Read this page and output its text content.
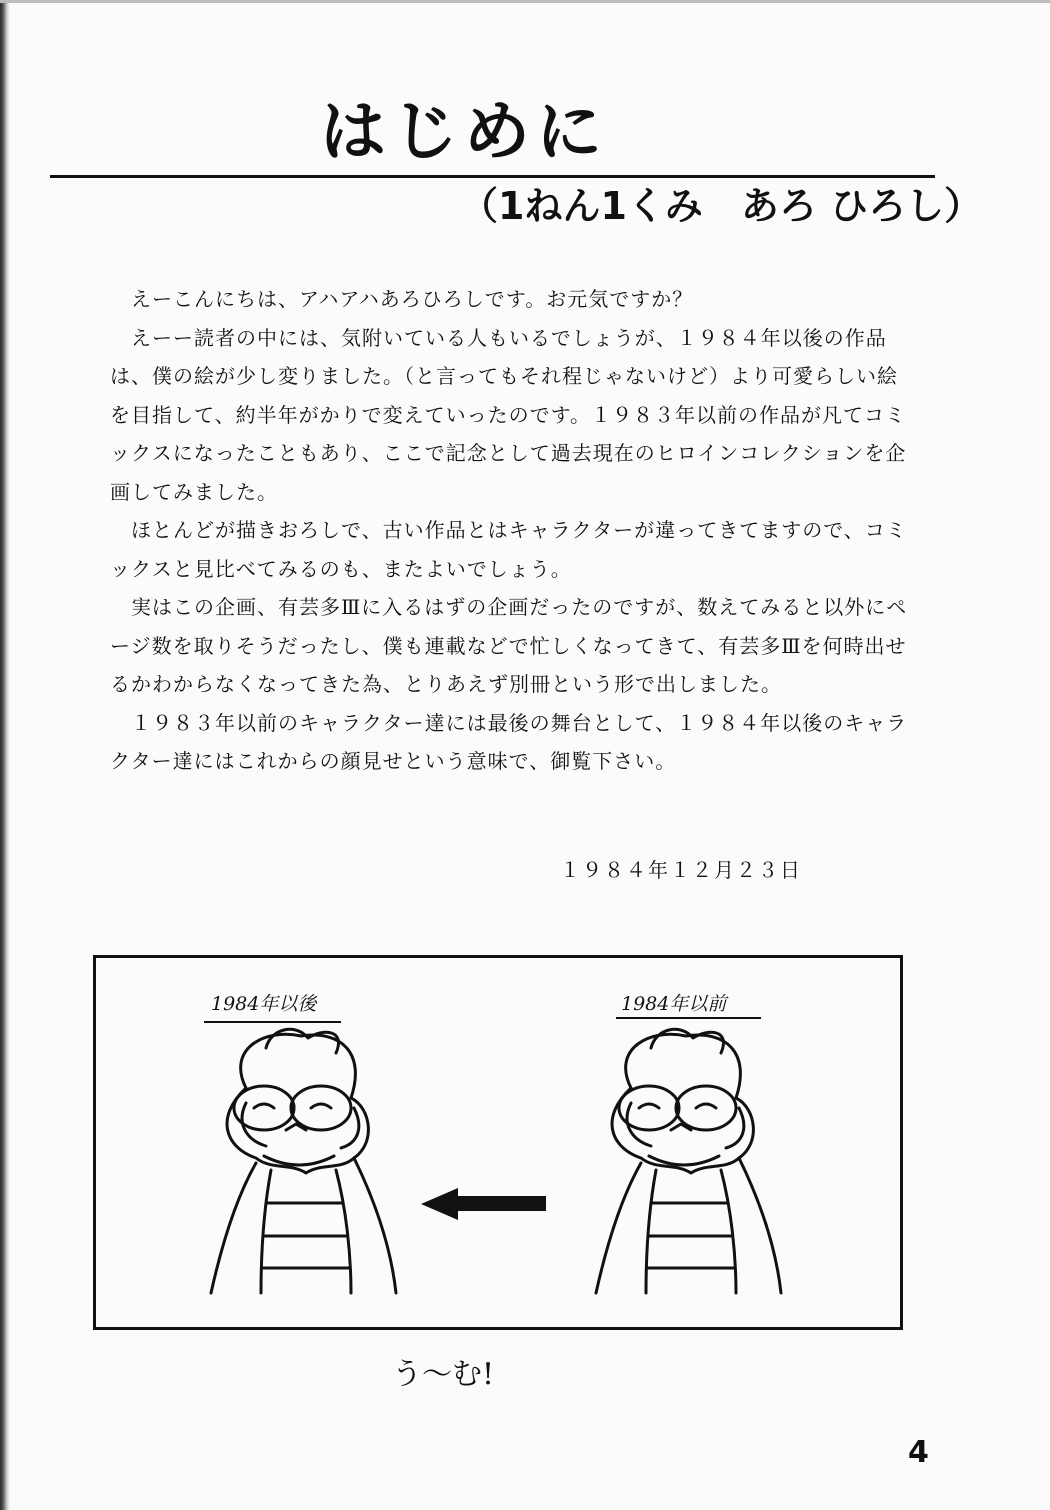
はじめに
（1ねん1くみ　あろ ひろし）

　えーこんにちは、アハアハあろひろしです。お元気ですか？

　えーー読者の中には、気附いている人もいるでしょうが、１９８４年以後の作品は、僕の絵が少し変りました。（と言ってもそれ程じゃないけど）より可愛らしい絵を目指して、約半年がかりで変えていったのです。１９８３年以前の作品が凡てコミックスになったこともあり、ここで記念として過去現在のヒロインコレクションを企画してみました。

　ほとんどが描きおろしで、古い作品とはキャラクターが違ってきてますので、コミックスと見比べてみるのも、またよいでしょう。

　実はこの企画、有芸多Ⅲに入るはずの企画だったのですが、数えてみると以外にページ数を取りそうだったし、僕も連載などで忙しくなってきて、有芸多Ⅲを何時出せるかわからなくなってきた為、とりあえず別冊という形で出しました。

　１９８３年以前のキャラクター達には最後の舞台として、１９８４年以後のキャラクター達にはこれからの顔見せという意味で、御覧下さい。

１９８４年１２月２３日
1984年以後	1984年以前
う〜む!
4
